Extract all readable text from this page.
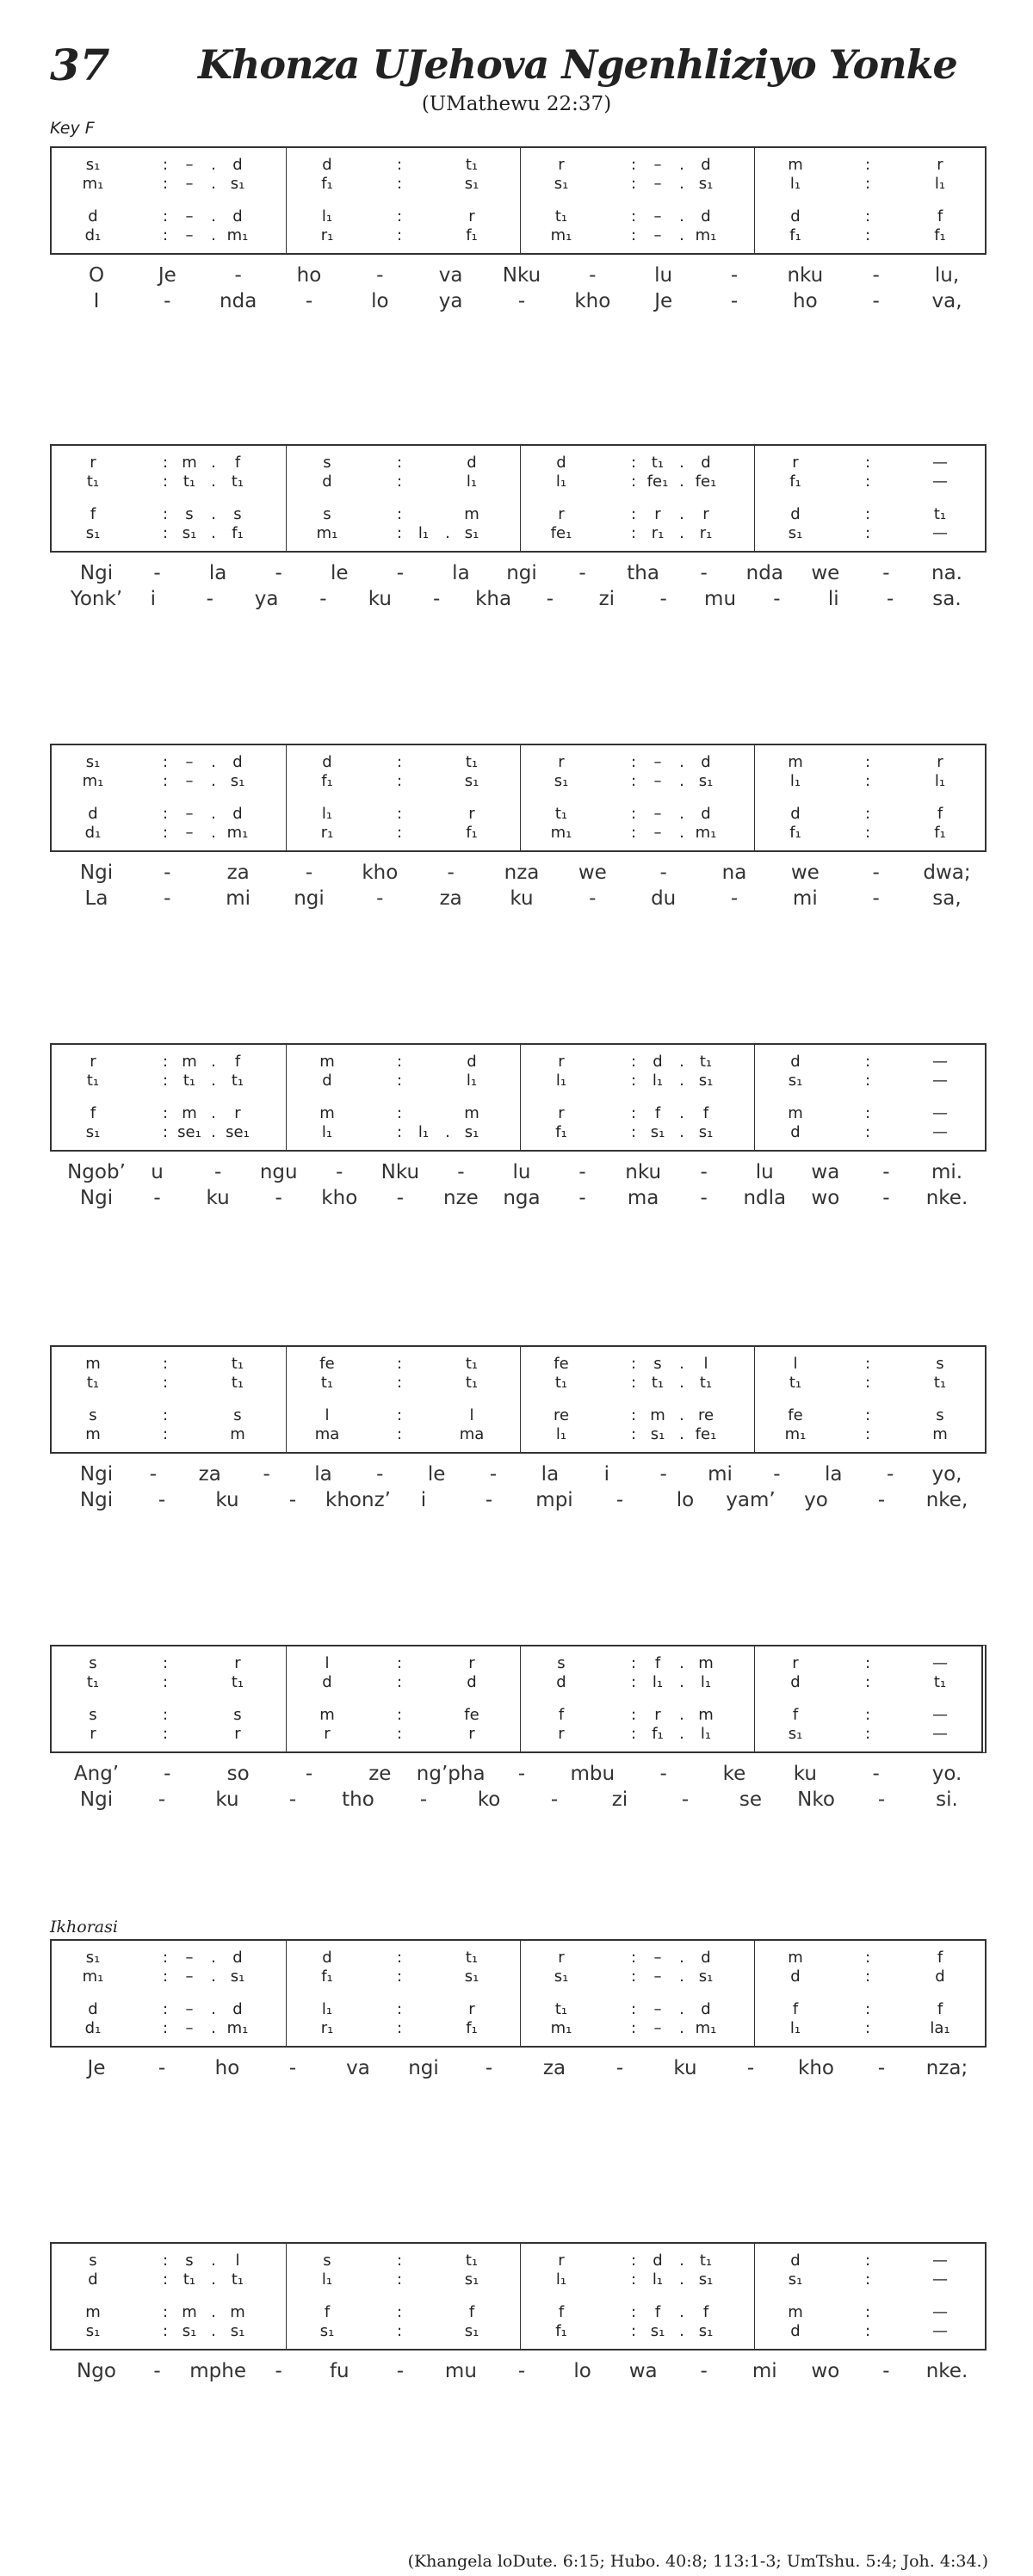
37 Khonza UJehova Ngenhliziyo Yonke
(UMathewu 22:37)
Key F
Ikhorasi
s₁	:	–	.	d	d	:	t₁	r	:	–	.	d	m	:	r
m₁	:	–	. s₁	f₁	:	s₁	s₁	:	–	. s₁	l₁	:	l₁
d	:	–	.	d	l₁	:	r	t₁	:	–	.	d	d	:	f
d₁	:	–	. m₁	r₁	:	f₁	m₁	:	–	. m₁	f₁	:	f₁
O	Je	-	ho	-	va Nku -	lu	- nku -	lu,
I	- nda -	lo	ya	- kho Je	-	ho	-	va,
r	: m .	f	s	:	d	d	: t₁ .	d	r	:	—
t₁	: t₁ .	t₁	d	:	l₁	l₁	: fe₁ . fe₁	f₁	:	—
f	:	s	.	s	s	:	m	r	:	r	.	r	d	:	t₁
s₁	: s₁ .	f₁	m₁	:	l₁	. s₁	fe₁	: r₁ . r₁	s₁	:	—
Ngi - la - le - la ngi - tha - nda we - na.
Yonk’ i	- ya - ku - kha - zi - mu - li - sa.
s₁	:	–	.	d	d	:	t₁	r	:	–	.	d	m	:	r
m₁	:	–	. s₁	f₁	:	s₁	s₁	:	–	. s₁	l₁	:	l₁
d	:	–	.	d	l₁	:	r	t₁	:	–	.	d	d	:	f
d₁	:	–	. m₁	r₁	:	f₁	m₁	:	–	. m₁	f₁	:	f₁
Ngi	-	za	- kho -	nza we	-	na we	- dwa;
La	-	mi ngi	-	za ku	-	du	-	mi	-	sa,
r	: m .	f	m	:	d	r	:	d	.	t₁	d	:	—
t₁	: t₁ .	t₁	d	:	l₁	l₁	:	l₁	. s₁	s₁	:	—
f	: m .	r	m	:	m	r	:	f	.	f	m	:	—
s₁	: se₁ . se₁	l₁	:	l₁	. s₁	f₁	: s₁ . s₁	d	:	—
Ngob’ u	- ngu - Nku - lu - nku - lu wa - mi.
Ngi - ku - kho - nze nga - ma - ndla wo - nke.
m	:	t₁	fe	:	t₁	fe	:	s	.	l	l	:	s
t₁	:	t₁	t₁	:	t₁	t₁	: t₁ .	t₁	t₁	:	t₁
s	:	s	l	:	l	re	: m . re	fe	:	s
m	:	m	ma	:	ma	l₁	: s₁ . fe₁	m₁	:	m
Ngi - za - la - le - la i	- mi - la - yo,
Ngi -	ku	- khonz’ i	- mpi -	lo yam’ yo	- nke,
s	:	r	l	:	r	s	:	f	. m	r	:	—
t₁	:	t₁	d	:	d	d	:	l₁	.	l₁	d	:	t₁
s	:	s	m	:	fe	f	:	r	. m	f	:	—
r	:	r	r	:	r	r	:	f₁	.	l₁	s₁	:	—
Ang’ -	so	-	ze ng’pha - mbu -	ke ku	-	yo.
Ngi -	ku	- tho -	ko	-	zi	-	se Nko -	si.
s₁	:	–	.	d	d	:	t₁	r	:	–	.	d	m	:	f
m₁	:	–	. s₁	f₁	:	s₁	s₁	:	–	. s₁	d	:	d
d	:	–	.	d	l₁	:	r	t₁	:	–	.	d	f	:	f
d₁	:	–	. m₁	r₁	:	f₁	m₁	:	–	. m₁	l₁	:	la₁
Je	-	ho	-	va ngi -	za	-	ku	- kho - nza;
s	:	s	.	l	s	:	t₁	r	:	d	.	t₁	d	:	—
d	: t₁ .	t₁	l₁	:	s₁	l₁	:	l₁	. s₁	s₁	:	—
m	: m . m	f	:	f	f	:	f	.	f	m	:	—
s₁	: s₁ . s₁	s₁	:	s₁	f₁	: s₁ . s₁	d	:	—
Ngo - mphe - fu - mu - lo wa - mi wo - nke.
(Khangela loDute. 6:15; Hubo. 40:8; 113:1-3; UmTshu. 5:4; Joh. 4:34.)
